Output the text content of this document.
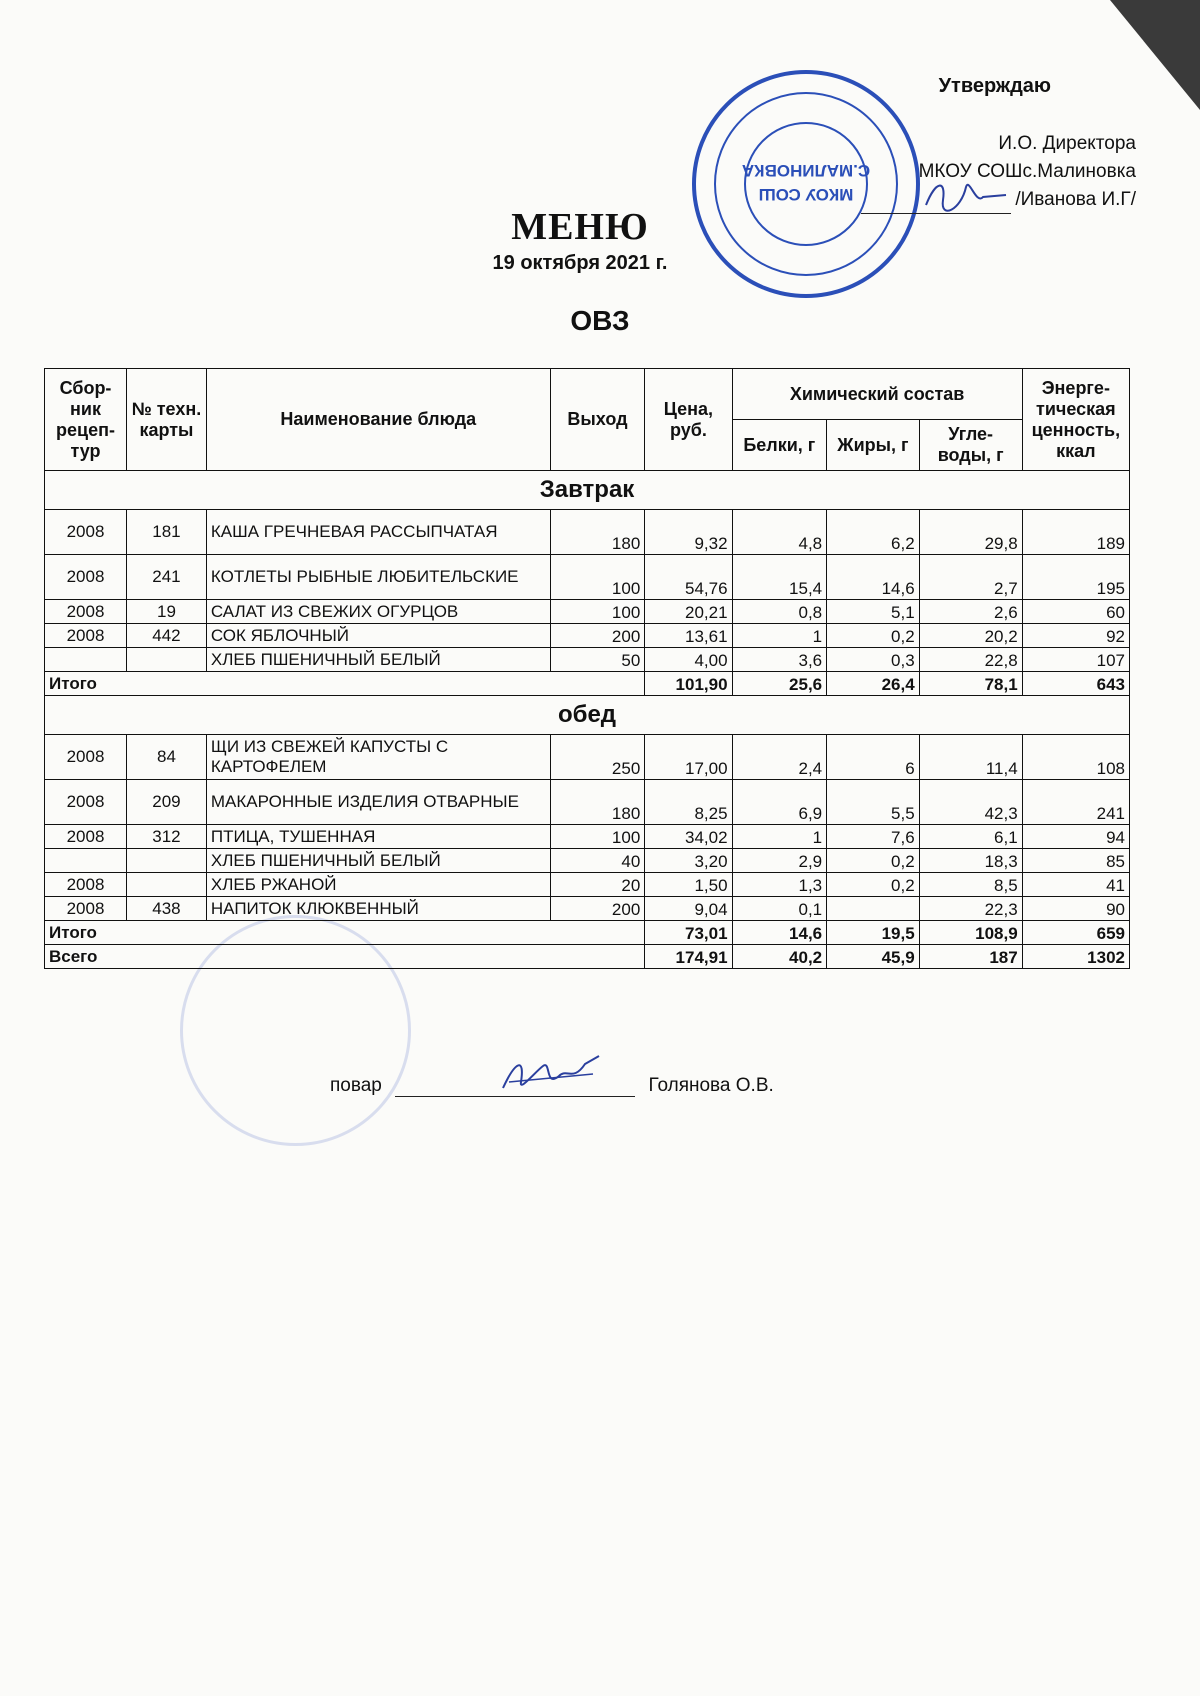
МКОУ СОШ
С.МАЛИНОВКА
Утверждаю
И.О. Директора
МКОУ СОШс.Малиновка
/Иванова И.Г/
МЕНЮ
19 октября 2021 г.
ОВЗ
Сбор-ник рецеп-тур	№ техн. карты	Наименование блюда	Выход	Цена, руб.	Химический состав			Энерге-тическая ценность, ккал
					Белки, г	Жиры, г	Угле-воды, г	
Завтрак								
2008	181	КАША ГРЕЧНЕВАЯ РАССЫПЧАТАЯ	180	9,32	4,8	6,2	29,8	189
2008	241	КОТЛЕТЫ РЫБНЫЕ ЛЮБИТЕЛЬСКИЕ	100	54,76	15,4	14,6	2,7	195
2008	19	САЛАТ ИЗ СВЕЖИХ ОГУРЦОВ	100	20,21	0,8	5,1	2,6	60
2008	442	СОК ЯБЛОЧНЫЙ	200	13,61	1	0,2	20,2	92
		ХЛЕБ ПШЕНИЧНЫЙ БЕЛЫЙ	50	4,00	3,6	0,3	22,8	107
Итого				101,90	25,6	26,4	78,1	643
обед								
2008	84	ЩИ ИЗ СВЕЖЕЙ КАПУСТЫ С КАРТОФЕЛЕМ	250	17,00	2,4	6	11,4	108
2008	209	МАКАРОННЫЕ ИЗДЕЛИЯ ОТВАРНЫЕ	180	8,25	6,9	5,5	42,3	241
2008	312	ПТИЦА, ТУШЕННАЯ	100	34,02	1	7,6	6,1	94
		ХЛЕБ ПШЕНИЧНЫЙ БЕЛЫЙ	40	3,20	2,9	0,2	18,3	85
2008		ХЛЕБ РЖАНОЙ	20	1,50	1,3	0,2	8,5	41
2008	438	НАПИТОК КЛЮКВЕННЫЙ	200	9,04	0,1		22,3	90
Итого				73,01	14,6	19,5	108,9	659
Всего				174,91	40,2	45,9	187	1302
повар	Голянова О.В.
